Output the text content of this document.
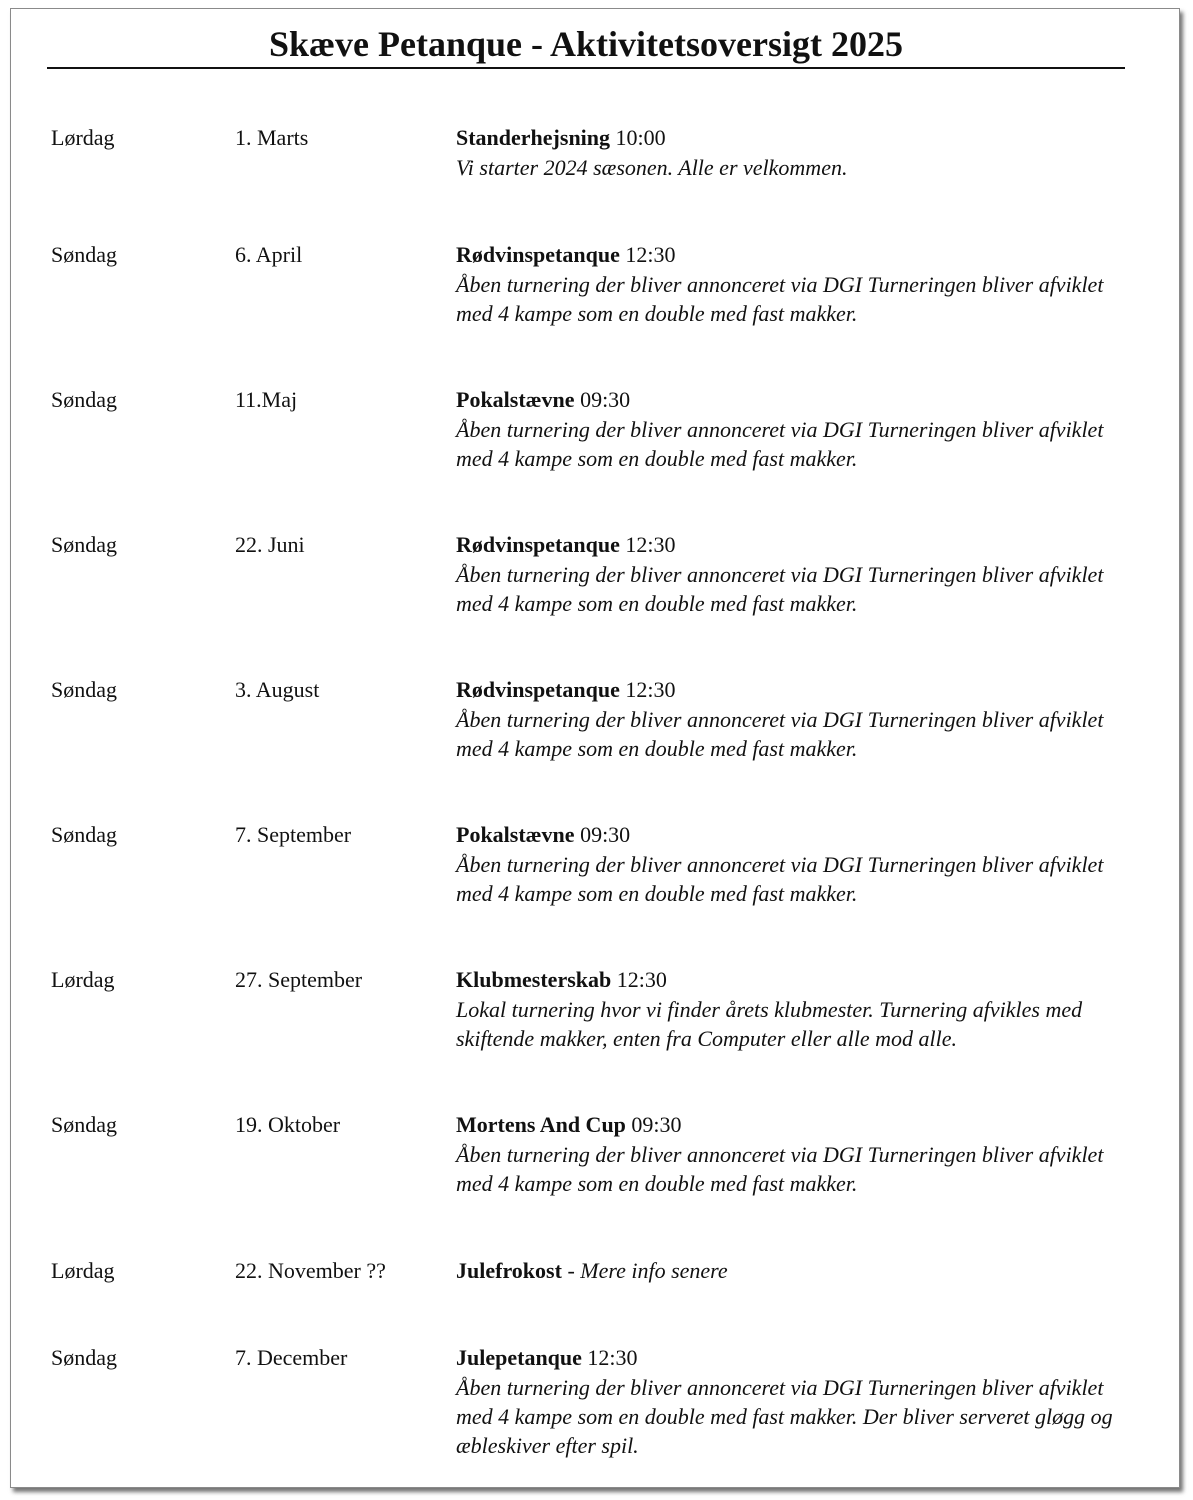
Skæve Petanque - Aktivitetsoversigt 2025
Lørdag	1. Marts	Standerhejsning 10:00
Vi starter 2024 sæsonen. Alle er velkommen.
Søndag	6. April	Rødvinspetanque 12:30
Åben turnering der bliver annonceret via DGI Turneringen bliver afviklet med 4 kampe som en double med fast makker.
Søndag	11.Maj	Pokalstævne 09:30
Åben turnering der bliver annonceret via DGI Turneringen bliver afviklet med 4 kampe som en double med fast makker.
Søndag	22. Juni	Rødvinspetanque 12:30
Åben turnering der bliver annonceret via DGI Turneringen bliver afviklet med 4 kampe som en double med fast makker.
Søndag	3. August	Rødvinspetanque 12:30
Åben turnering der bliver annonceret via DGI Turneringen bliver afviklet med 4 kampe som en double med fast makker.
Søndag	7. September	Pokalstævne 09:30
Åben turnering der bliver annonceret via DGI Turneringen bliver afviklet med 4 kampe som en double med fast makker.
Lørdag	27. September	Klubmesterskab 12:30
Lokal turnering hvor vi finder årets klubmester. Turnering afvikles med skiftende makker, enten fra Computer eller alle mod alle.
Søndag	19. Oktober	Mortens And Cup 09:30
Åben turnering der bliver annonceret via DGI Turneringen bliver afviklet med 4 kampe som en double med fast makker.
Lørdag	22. November ??	Julefrokost - Mere info senere
Søndag	7. December	Julepetanque 12:30
Åben turnering der bliver annonceret via DGI Turneringen bliver afviklet med 4 kampe som en double med fast makker. Der bliver serveret gløgg og æbleskiver efter spil.
